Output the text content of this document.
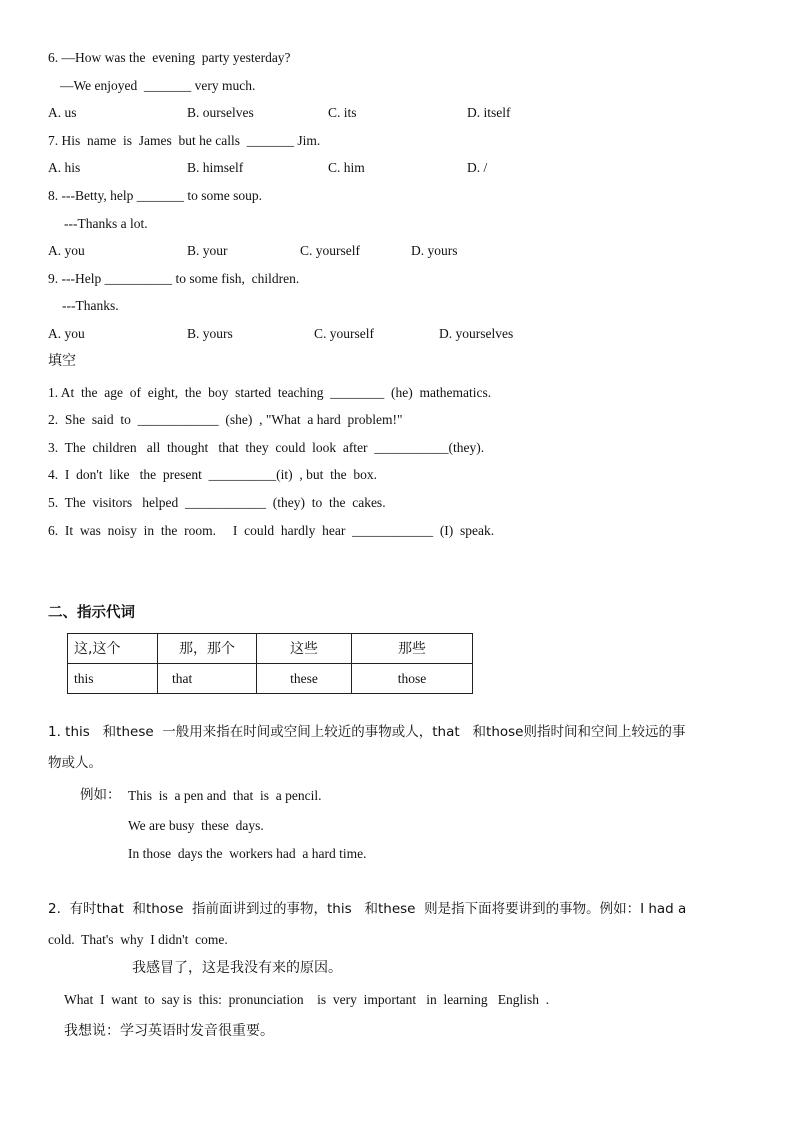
6. —How was the  evening  party yesterday?
—We enjoyed  _______ very much.
A. us	B. ourselves	C. its	D. itself
7. His  name  is  James  but he calls  _______ Jim.
A. his	B. himself	C. him	D. /
8. ---Betty, help _______ to some soup.
---Thanks a lot.
A. you	B. your	C. yourself	D. yours
9. ---Help __________ to some fish,  children.
---Thanks.
A. you	B. yours	C. yourself	D. yourselves
填空
1. At  the  age  of  eight,  the  boy  started  teaching  ________  (he)  mathematics.
2.  She  said  to  ____________  (she)  , "What  a hard  problem!"
3.  The  children   all  thought   that  they  could  look  after  ___________(they).
4.  I  don't  like   the  present  __________(it)  , but  the  box.
5.  The  visitors   helped  ____________  (they)  to  the  cakes.
6.  It  was  noisy  in  the  room.     I  could  hardly  hear  ____________  (I)  speak.
二、指示代词
这,这个	那，那个	这些	那些
this	that	these	those
1. this   和these  一般用来指在时间或空间上较近的事物或人，that   和those则指时间和空间上较远的事
物或人。
例如： This  is  a pen and  that  is  a pencil.
We are busy  these  days.
In those  days the  workers had  a hard time.
2.  有时that  和those  指前面讲到过的事物，this   和these  则是指下面将要讲到的事物。例如：I had a
cold.  That's  why  I didn't  come.
我感冒了，这是我没有来的原因。
What  I  want  to  say is  this:  pronunciation    is  very  important   in  learning   English  .
我想说：学习英语时发音很重要。
